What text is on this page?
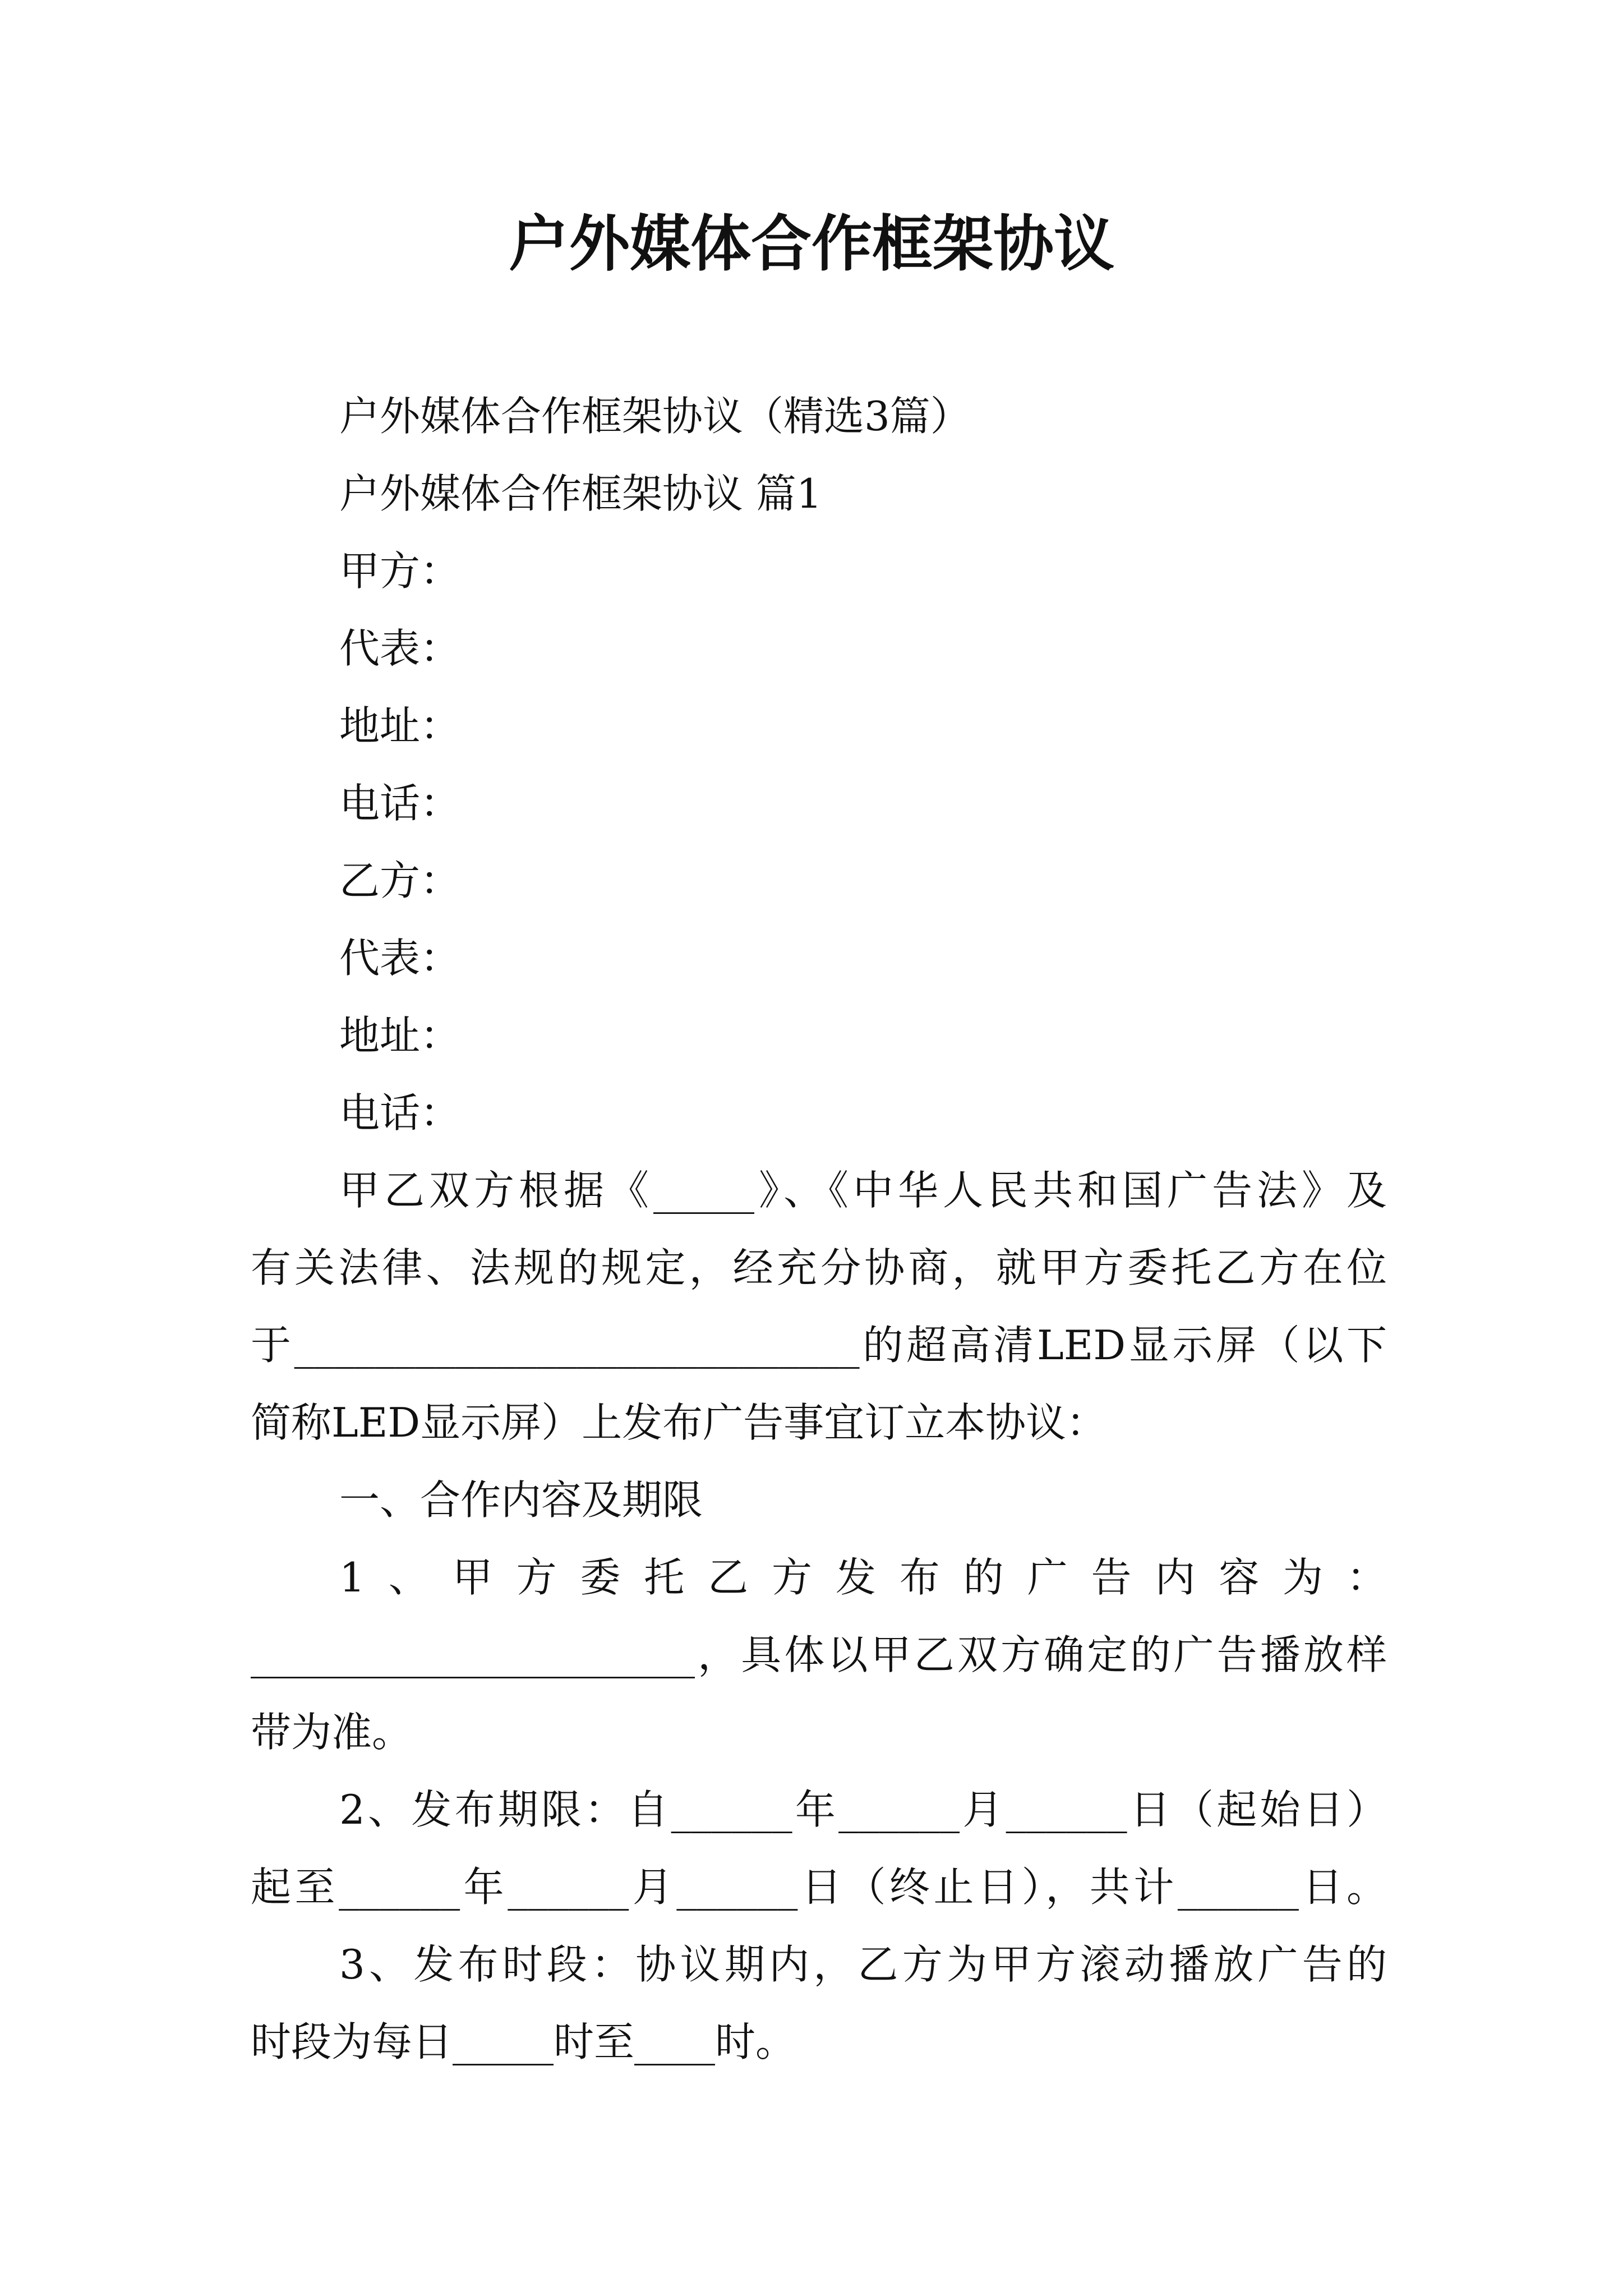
户外媒体合作框架协议
户外媒体合作框架协议（精选3篇）
户外媒体合作框架协议 篇1
甲方：
代表：
地址：
电话：
乙方：
代表：
地址：
电话：
甲乙双方根据《_____》、《中华人民共和国广告法》及
有关法律、法规的规定，经充分协商，就甲方委托乙方在位
于____________________________的超高清LED显示屏（以下
简称LED显示屏）上发布广告事宜订立本协议：
一、合作内容及期限
1、甲方委托乙方发布的广告内容为：
______________________，具体以甲乙双方确定的广告播放样
带为准。
2、发布期限：自______年______月______日（起始日）
起至______年______月______日（终止日），共计______日。
3、发布时段：协议期内，乙方为甲方滚动播放广告的
时段为每日_____时至____时。
